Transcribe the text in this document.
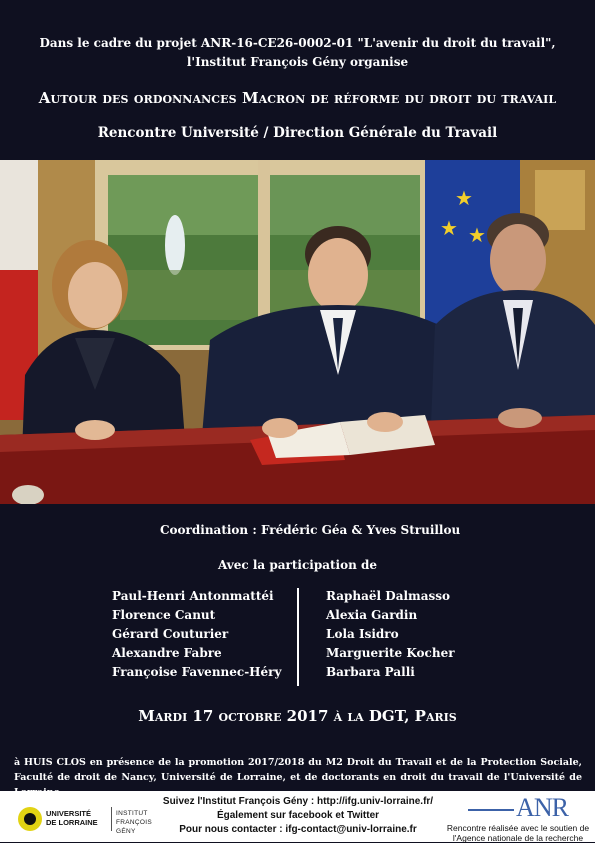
Dans le cadre du projet ANR-16-CE26-0002-01 "L'avenir du droit du travail",
l'Institut François Gény organise
Autour des ordonnances Macron de réforme du droit du travail
Rencontre Université / Direction Générale du Travail
★
★ ★
Coordination : Frédéric Géa & Yves Struillou
Avec la participation de
Paul-Henri Antonmattéi
Florence Canut
Gérard Couturier
Alexandre Fabre
Françoise Favennec-Héry
Raphaël Dalmasso
Alexia Gardin
Lola Isidro
Marguerite Kocher
Barbara Palli
Mardi 17 octobre 2017 à la DGT, Paris
à HUIS CLOS en présence de la promotion 2017/2018 du M2 Droit du Travail et de la Protection Sociale, Faculté de droit de Nancy, Université de Lorraine, et de doctorants en droit du travail de l'Université de
UNIVERSITÉ
DE LORRAINE
INSTITUT
FRANÇOIS GÉNY
Suivez l'Institut François Gény : http://ifg.univ-lorraine.fr/
Également sur facebook et Twitter
Pour nous contacter : ifg-contact@univ-lorraine.fr
ANR
Rencontre réalisée avec le soutien de
l'Agence nationale de la recherche
